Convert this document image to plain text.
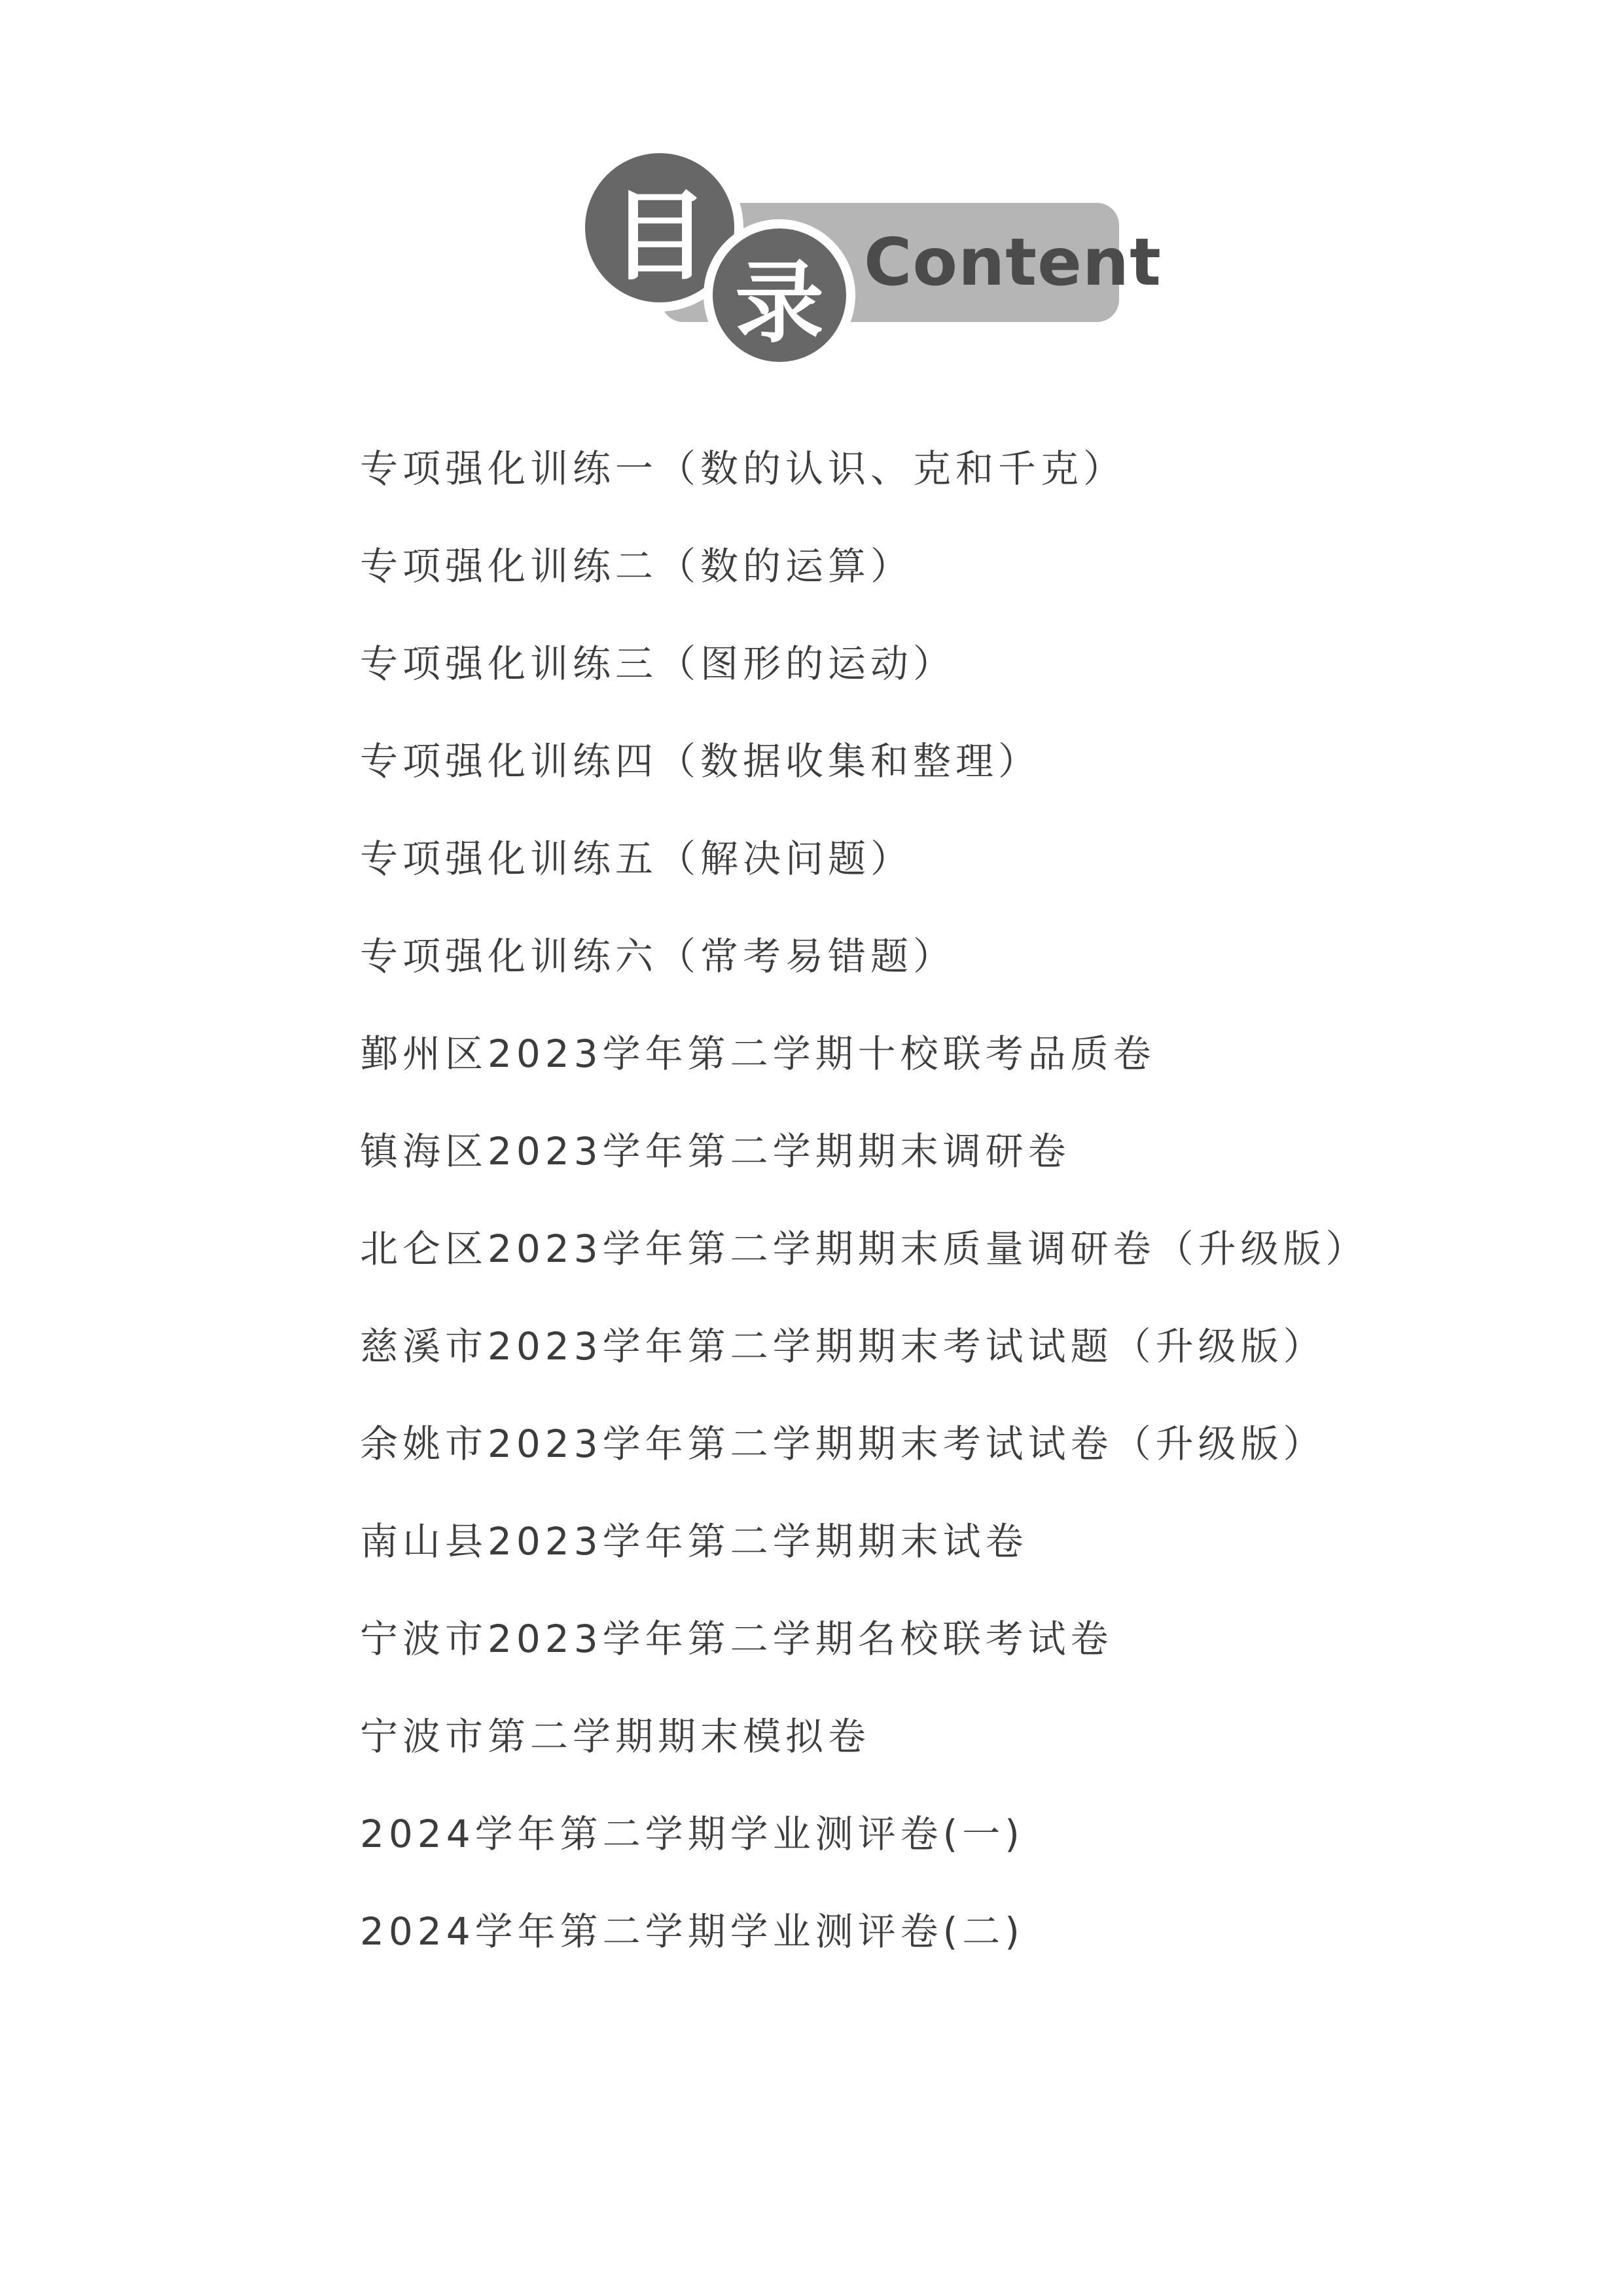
Content
目
录
专项强化训练一（数的认识、克和千克）
专项强化训练二（数的运算）
专项强化训练三（图形的运动）
专项强化训练四（数据收集和整理）
专项强化训练五（解决问题）
专项强化训练六（常考易错题）
鄞州区2023学年第二学期十校联考品质卷
镇海区2023学年第二学期期末调研卷
北仑区2023学年第二学期期末质量调研卷（升级版）
慈溪市2023学年第二学期期末考试试题（升级版）
余姚市2023学年第二学期期末考试试卷（升级版）
南山县2023学年第二学期期末试卷
宁波市2023学年第二学期名校联考试卷
宁波市第二学期期末模拟卷
2024学年第二学期学业测评卷(一)
2024学年第二学期学业测评卷(二)
